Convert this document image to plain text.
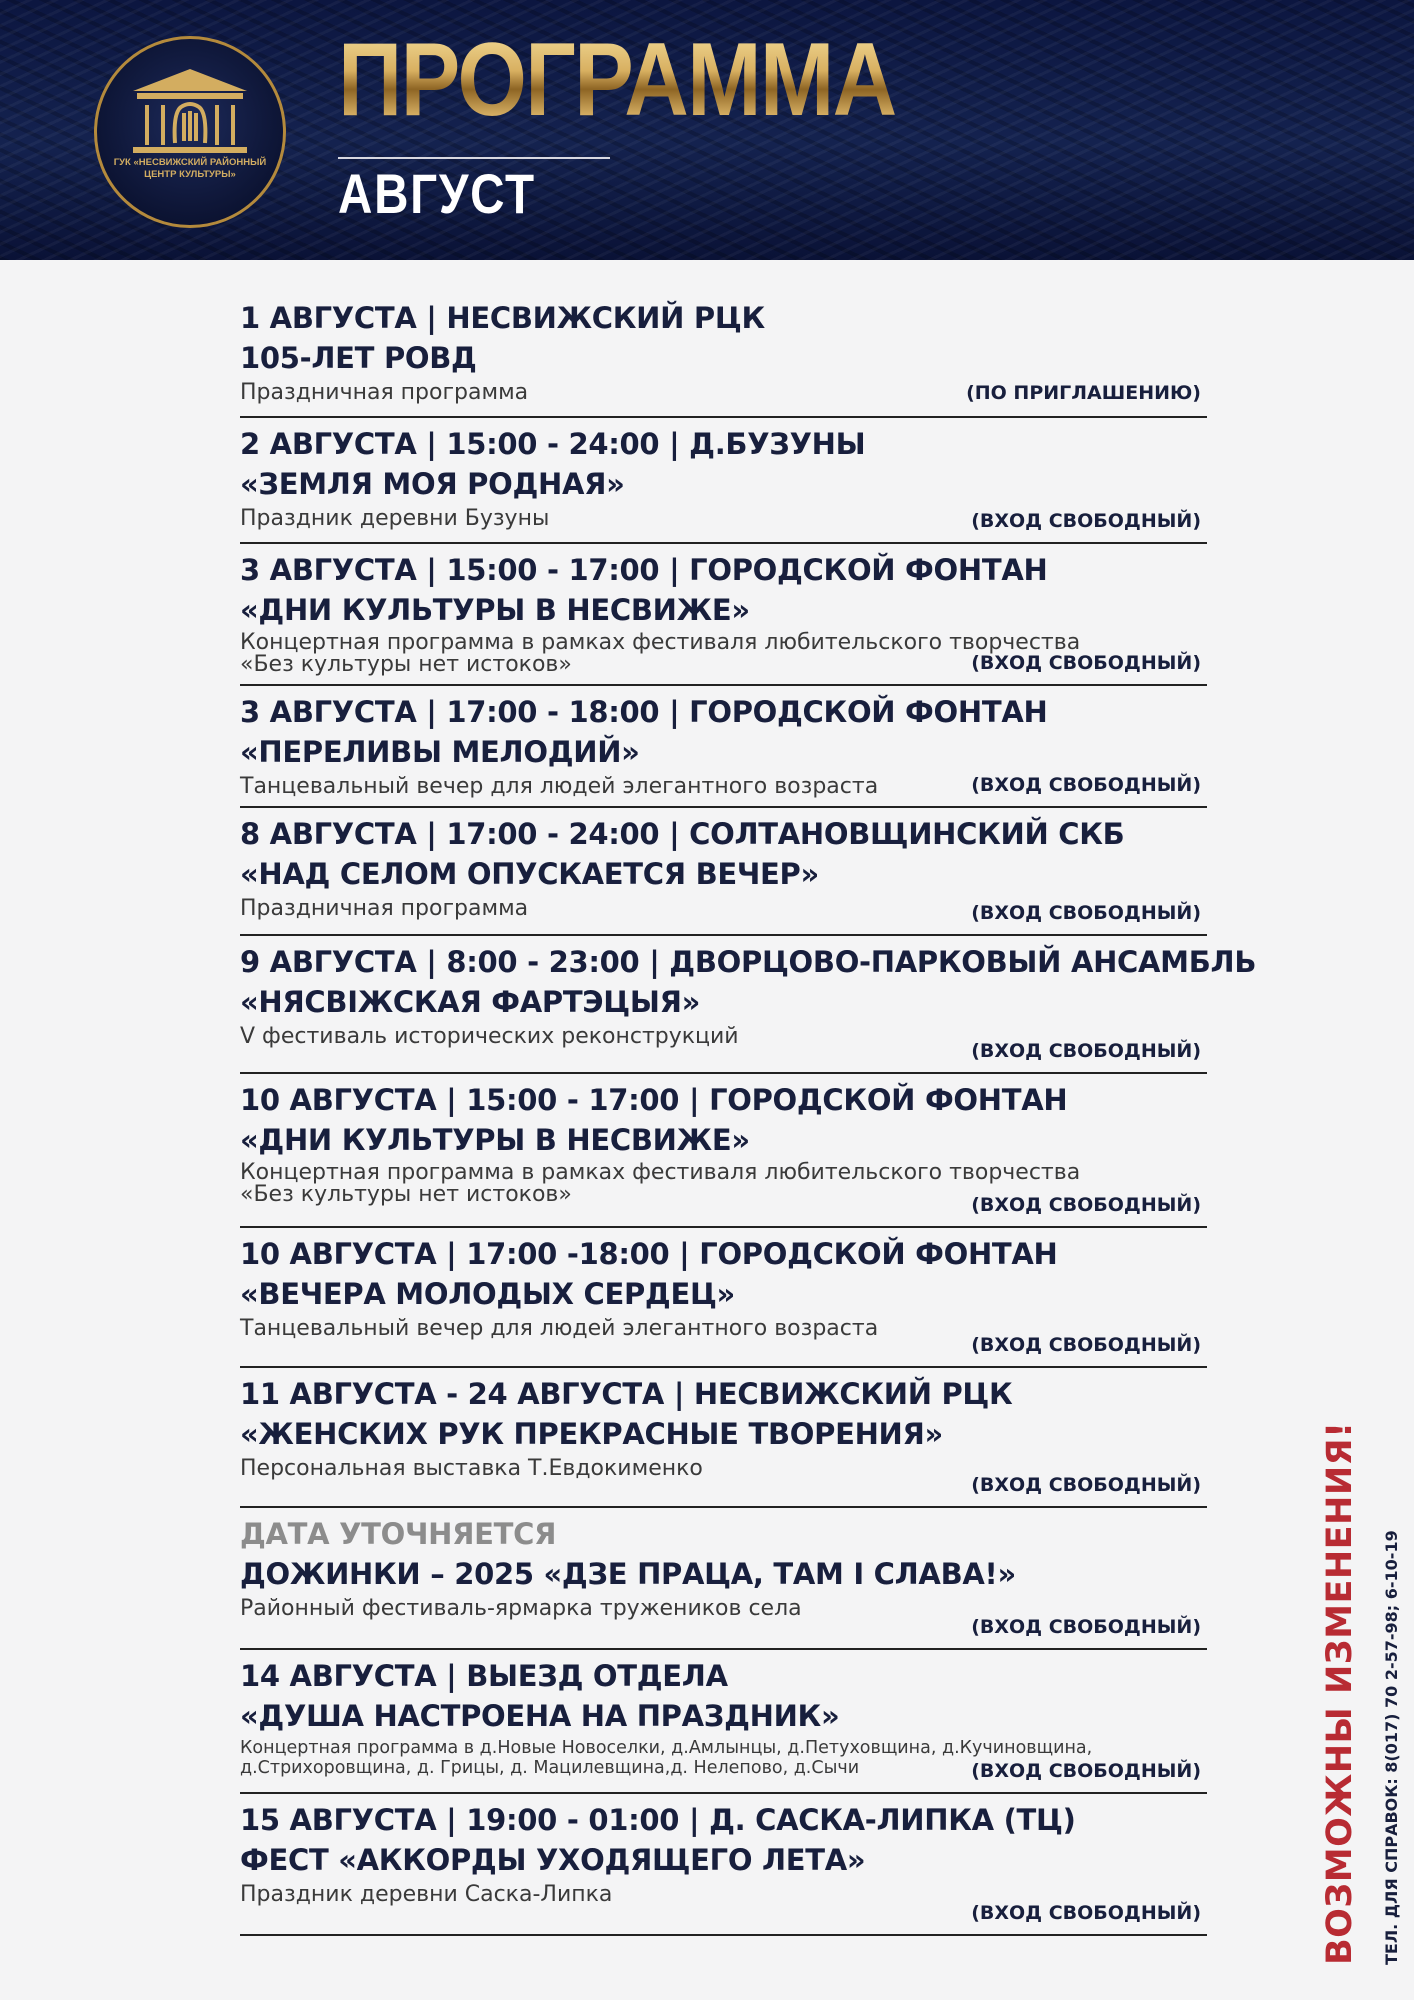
ГУК «НЕСВИЖСКИЙ РАЙОННЫЙ ЦЕНТР КУЛЬТУРЫ»
ПРОГРАММА
АВГУСТ
1 АВГУСТА | НЕСВИЖСКИЙ РЦК
105-ЛЕТ РОВД
Праздничная программа	(ПО ПРИГЛАШЕНИЮ)
2 АВГУСТА | 15:00 - 24:00 | Д.БУЗУНЫ
«ЗЕМЛЯ МОЯ РОДНАЯ»
Праздник деревни Бузуны	(ВХОД СВОБОДНЫЙ)
3 АВГУСТА | 15:00 - 17:00 | ГОРОДСКОЙ ФОНТАН
«ДНИ КУЛЬТУРЫ В НЕСВИЖЕ»
Концертная программа в рамках фестиваля любительского творчества
«Без культуры нет истоков»	(ВХОД СВОБОДНЫЙ)
3 АВГУСТА | 17:00 - 18:00 | ГОРОДСКОЙ ФОНТАН
«ПЕРЕЛИВЫ МЕЛОДИЙ»
Танцевальный вечер для людей элегантного возраста	(ВХОД СВОБОДНЫЙ)
8 АВГУСТА | 17:00 - 24:00 | СОЛТАНОВЩИНСКИЙ СКБ
«НАД СЕЛОМ ОПУСКАЕТСЯ ВЕЧЕР»
Праздничная программа	(ВХОД СВОБОДНЫЙ)
9 АВГУСТА | 8:00 - 23:00 | ДВОРЦОВО-ПАРКОВЫЙ АНСАМБЛЬ
«НЯСВІЖСКАЯ ФАРТЭЦЫЯ»
V фестиваль исторических реконструкций
(ВХОД СВОБОДНЫЙ)
10 АВГУСТА | 15:00 - 17:00 | ГОРОДСКОЙ ФОНТАН
«ДНИ КУЛЬТУРЫ В НЕСВИЖЕ»
Концертная программа в рамках фестиваля любительского творчества
«Без культуры нет истоков»	(ВХОД СВОБОДНЫЙ)
10 АВГУСТА | 17:00 -18:00 | ГОРОДСКОЙ ФОНТАН
«ВЕЧЕРА МОЛОДЫХ СЕРДЕЦ»
Танцевальный вечер для людей элегантного возраста
(ВХОД СВОБОДНЫЙ)
11 АВГУСТА - 24 АВГУСТА | НЕСВИЖСКИЙ РЦК
«ЖЕНСКИХ РУК ПРЕКРАСНЫЕ ТВОРЕНИЯ»
Персональная выставка Т.Евдокименко
(ВХОД СВОБОДНЫЙ)
ДАТА УТОЧНЯЕТСЯ
ДОЖИНКИ – 2025 «ДЗЕ ПРАЦА, ТАМ І СЛАВА!»
Районный фестиваль-ярмарка тружеников села
(ВХОД СВОБОДНЫЙ)
14 АВГУСТА | ВЫЕЗД ОТДЕЛА
«ДУША НАСТРОЕНА НА ПРАЗДНИК»
Концертная программа в д.Новые Новоселки, д.Амлынцы, д.Петуховщина, д.Кучиновщина,
д.Стрихоровщина, д. Грицы, д. Мацилевщина,д. Нелепово, д.Сычи	(ВХОД СВОБОДНЫЙ)
15 АВГУСТА | 19:00 - 01:00 | Д. САСКА-ЛИПКА (ТЦ)
ФЕСТ «АККОРДЫ УХОДЯЩЕГО ЛЕТА»
Праздник деревни Саска-Липка
(ВХОД СВОБОДНЫЙ)	ВОЗМОЖНЫ ИЗМЕНЕНИЯ! ТЕЛ. ДЛЯ СПРАВОК: 8(017) 70 2-57-98; 6-10-19
